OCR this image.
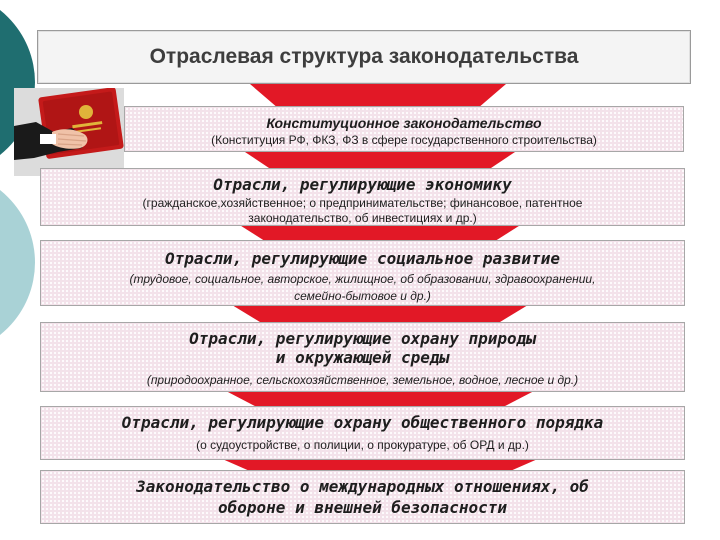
Отраслевая структура законодательства
Конституционное законодательство
(Конституция РФ, ФКЗ, ФЗ в сфере государственного строительства)
Отрасли, регулирующие экономику
(гражданское,хозяйственное; о предпринимательстве; финансовое, патентное
законодательство, об инвестициях и др.)
Отрасли, регулирующие социальное развитие
(трудовое, социальное, авторское, жилищное, об образовании, здравоохранении,
семейно-бытовое и др.)
Отрасли, регулирующие охрану природы
и окружающей среды
(природоохранное, сельскохозяйственное, земельное, водное, лесное и др.)
Отрасли, регулирующие охрану общественного порядка
(о судоустройстве, о полиции, о прокуратуре, об ОРД и др.)
Законодательство о международных отношениях, об
обороне и внешней безопасности
